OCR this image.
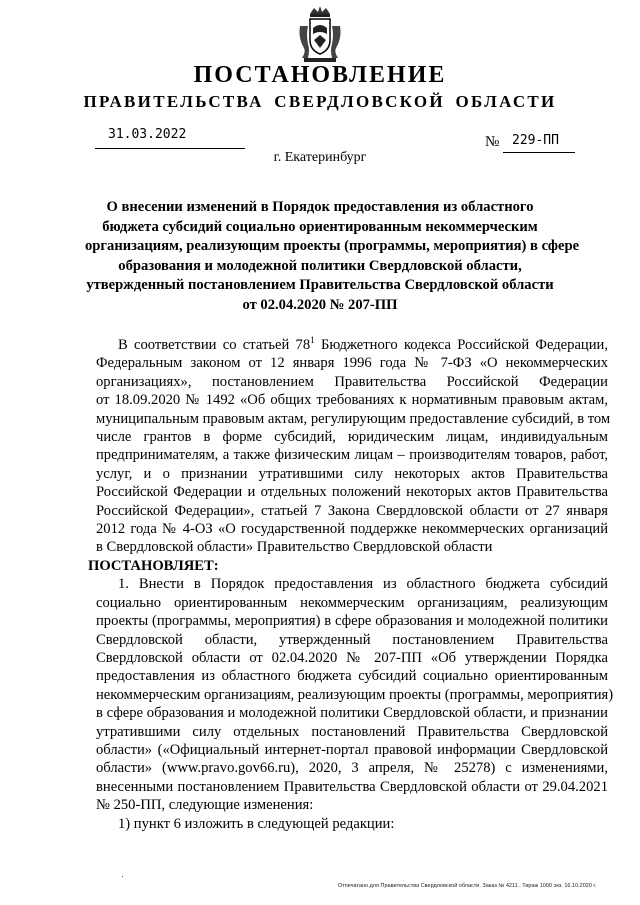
ПОСТАНОВЛЕНИЕ
ПРАВИТЕЛЬСТВА СВЕРДЛОВСКОЙ ОБЛАСТИ
31.03.2022	№ 229-ПП
г. Екатеринбург
О внесении изменений в Порядок предоставления из областного
бюджета субсидий социально ориентированным некоммерческим
организациям, реализующим проекты (программы, мероприятия) в сфере
образования и молодежной политики Свердловской области,
утвержденный постановлением Правительства Свердловской области
от 02.04.2020 № 207-ПП
В соответствии со статьей $78^1$ Бюджетного кодекса Российской Федерации,
Федеральным законом от 12 января 1996 года № 7-ФЗ «О некоммерческих
организациях», постановлением Правительства Российской Федерации
от 18.09.2020 № 1492 «Об общих требованиях к нормативным правовым актам,
муниципальным правовым актам, регулирующим предоставление субсидий, в том
числе грантов в форме субсидий, юридическим лицам, индивидуальным
предпринимателям, а также физическим лицам – производителям товаров, работ,
услуг, и о признании утратившими силу некоторых актов Правительства
Российской Федерации и отдельных положений некоторых актов Правительства
Российской Федерации», статьей 7 Закона Свердловской области от 27 января
2012 года № 4-ОЗ «О государственной поддержке некоммерческих организаций
в Свердловской области» Правительство Свердловской области
ПОСТАНОВЛЯЕТ:
1. Внести в Порядок предоставления из областного бюджета субсидий
социально ориентированным некоммерческим организациям, реализующим
проекты (программы, мероприятия) в сфере образования и молодежной политики
Свердловской области, утвержденный постановлением Правительства
Свердловской области от 02.04.2020 № 207-ПП «Об утверждении Порядка
предоставления из областного бюджета субсидий социально ориентированным
некоммерческим организациям, реализующим проекты (программы, мероприятия)
в сфере образования и молодежной политики Свердловской области, и признании
утратившими силу отдельных постановлений Правительства Свердловской
области» («Официальный интернет-портал правовой информации Свердловской
области» (www.pravo.gov66.ru), 2020, 3 апреля, № 25278) с изменениями,
внесенными постановлением Правительства Свердловской области от 29.04.2021
№ 250-ПП, следующие изменения:
1) пункт 6 изложить в следующей редакции:
Отпечатано для Правительства Свердловской области. Заказ № 4211 . Тираж 1000 экз. 16.10.2020 г.
